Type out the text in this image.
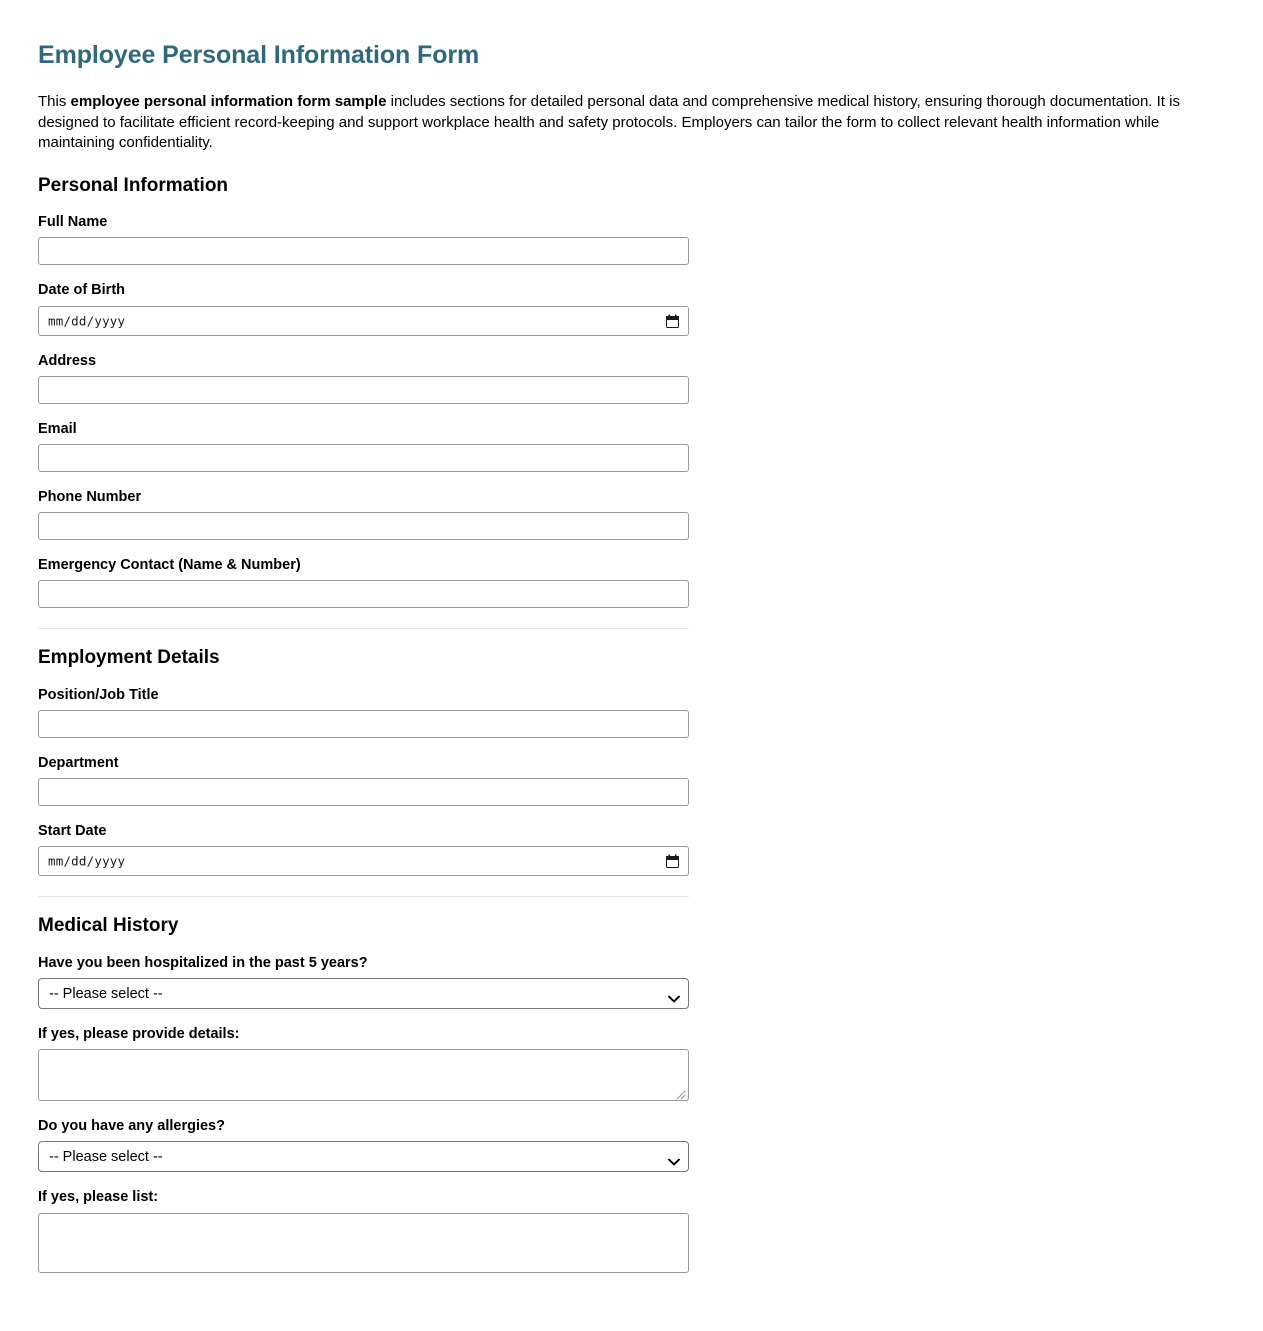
Employee Personal Information Form

This employee personal information form sample includes sections for detailed personal data and comprehensive medical history, ensuring thorough documentation. It is designed to facilitate efficient record-keeping and support workplace health and safety protocols. Employers can tailor the form to collect relevant health information while maintaining confidentiality.

Personal Information
Full Name
Date of Birth
mm/dd/yyyy
Address
Email
Phone Number
Emergency Contact (Name & Number)
Employment Details
Position/Job Title
Department
Start Date
mm/dd/yyyy
Medical History
Have you been hospitalized in the past 5 years?
-- Please select --
If yes, please provide details:
Do you have any allergies?
-- Please select --
If yes, please list:
